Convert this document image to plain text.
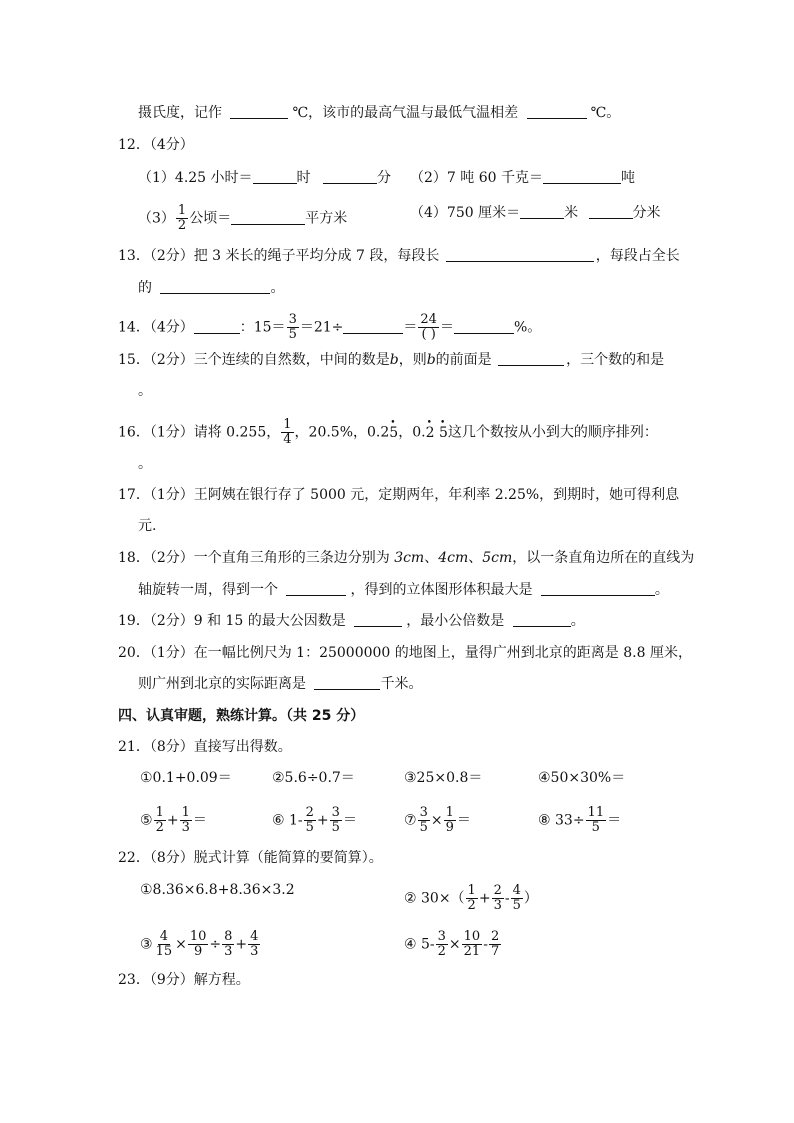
摄氏度，记作	℃，该市的最高气温与最低气温相差	℃。
12．（4分）
（1）4.25 小时＝	时	分 （2）7 吨 60 千克＝	吨
$(3) \frac{1}{2}$ 公顷＝	平方米	（4）750 厘米＝	米	分米
13．（2分）把 3 米长的绳子平均分成 7 段，每段长	，每段占全长
的	。
14．（4分）	：$15= \frac{3}{5} =21\div$	＝ $\frac{24}{( )}$ ＝	%。
15．（2分）三个连续的自然数，中间的数是b，则b的前面是	，三个数的和是
。
16．（1分）请将 0.255， $\frac{1}{4}$ ，20.5%，0.2• 5，0.• 2 • 5这几个数按从小到大的顺序排列：
。
17．（1分）王阿姨在银行存了 5000 元，定期两年，年利率 2.25%，到期时，她可得利息
元.
18．（2分）一个直角三角形的三条边分别为 3cm、4cm、5cm，以一条直角边所在的直线为
轴旋转一周，得到一个	，得到的立体图形体积最大是	。
19．（2分）9 和 15 的最大公因数是	，最小公倍数是	。
20．（1分）在一幅比例尺为 1：25000000 的地图上，量得广州到北京的距离是 8.8 厘米，
则广州到北京的实际距离是	千米。
四、认真审题，熟练计算。（共 25 分）
21．（8分）直接写出得数。
①0.1+0.09＝	②5.6÷0.7＝	③25×0.8＝	④50×30%＝
⑤ $\frac{1}{2} + \frac{1}{3}$ ＝	⑥ $1- \frac{2}{5} + \frac{3}{5}$ ＝	⑦ $\frac{3}{5} \times \frac{1}{9}$ ＝	⑧ $33\div \frac{11}{5}$ ＝
22．（8分）脱式计算（能简算的要简算）。
①8.36×6.8+8.36×3.2
② $30\times( \frac{1}{2} + \frac{2}{3} - \frac{4}{5}$ ）
③ $\frac{4}{15} \times \frac{10}{9} \div \frac{8}{3} + \frac{4}{3}$	④ $5- \frac{3}{2} \times \frac{10}{21} - \frac{2}{7}$
23．（9分）解方程。
